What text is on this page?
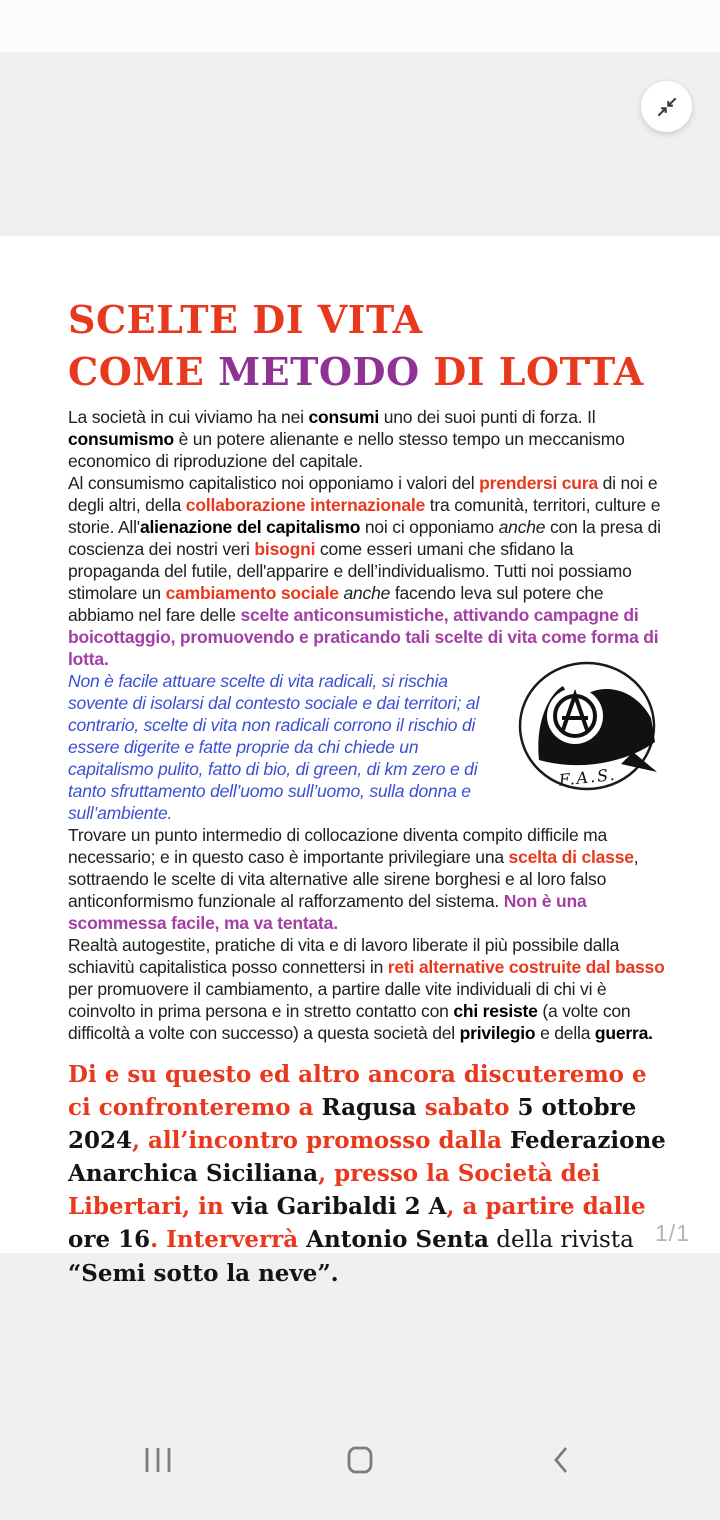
SCELTE DI VITA
COME METODO DI LOTTA

La società in cui viviamo ha nei consumi uno dei suoi punti di forza. Il consumismo è un potere alienante e nello stesso tempo un meccanismo economico di riproduzione del capitale.

Al consumismo capitalistico noi opponiamo i valori del prendersi cura di noi e degli altri, della collaborazione internazionale tra comunità, territori, culture e storie. All'alienazione del capitalismo noi ci opponiamo anche con la presa di coscienza dei nostri veri bisogni come esseri umani che sfidano la propaganda del futile, dell'apparire e dell’individualismo. Tutti noi possiamo stimolare un cambiamento sociale anche facendo leva sul potere che abbiamo nel fare delle scelte anticonsumistiche, attivando campagne di boicottaggio, promuovendo e praticando tali scelte di vita come forma di lotta.

F.A.S.
Non è facile attuare scelte di vita radicali, si rischia sovente di isolarsi dal contesto sociale e dai territori; al contrario, scelte di vita non radicali corrono il rischio di essere digerite e fatte proprie da chi chiede un capitalismo pulito, fatto di bio, di green, di km zero e di tanto sfruttamento dell’uomo sull’uomo, sulla donna e sull’ambiente.

Trovare un punto intermedio di collocazione diventa compito difficile ma necessario; e in questo caso è importante privilegiare una scelta di classe, sottraendo le scelte di vita alternative alle sirene borghesi e al loro falso anticonformismo funzionale al rafforzamento del sistema. Non è una scommessa facile, ma va tentata.

Realtà autogestite, pratiche di vita e di lavoro liberate il più possibile dalla schiavitù capitalistica posso connettersi in reti alternative costruite dal basso per promuovere il cambiamento, a partire dalle vite individuali di chi vi è coinvolto in prima persona e in stretto contatto con chi resiste (a volte con difficoltà a volte con successo) a questa società del privilegio e della guerra.

Di e su questo ed altro ancora discuteremo e ci confronteremo a Ragusa sabato 5 ottobre 2024, all’incontro promosso dalla Federazione Anarchica Siciliana, presso la Società dei Libertari, in via Garibaldi 2 A, a partire dalle ore 16. Interverrà Antonio Senta della rivista “Semi sotto la neve”.

1/1
